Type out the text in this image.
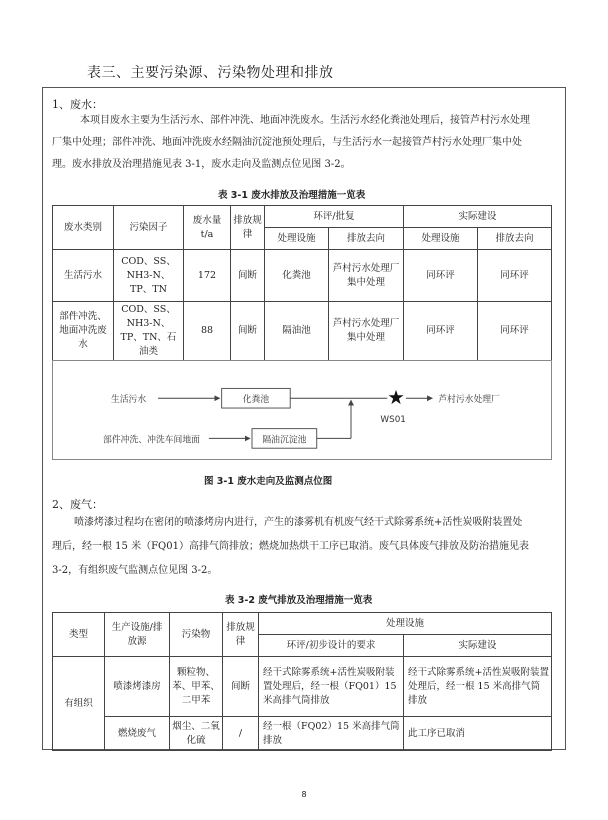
表三、主要污染源、污染物处理和排放
1、废水：
本项目废水主要为生活污水、部件冲洗、地面冲洗废水。生活污水经化粪池处理后，接管芦村污水处理
厂集中处理；部件冲洗、地面冲洗废水经隔油沉淀池预处理后，与生活污水一起接管芦村污水处理厂集中处
理。废水排放及治理措施见表 3-1，废水走向及监测点位见图 3-2。
表 3-1 废水排放及治理措施一览表
废水类别	污染因子	废水量 t/a	排放规律	环评/批复		实际建设	
				处理设施	排放去向	处理设施	排放去向
生活污水	COD、SS、NH3-N、TP、TN	172	间断	化粪池	芦村污水处理厂集中处理	同环评	同环评
部件冲洗、地面冲洗废水	COD、SS、NH3-N、TP、TN、石油类	88	间断	隔油池	芦村污水处理厂集中处理	同环评	同环评
生活污水	化粪池	★	芦村污水处理厂
WS01
部件冲洗、冲洗车间地面	隔油沉淀池
图 3-1 废水走向及监测点位图
2、废气：
喷漆烤漆过程均在密闭的喷漆烤房内进行，产生的漆雾机有机废气经干式除雾系统+活性炭吸附装置处
理后，经一根 15 米（FQ01）高排气筒排放；燃烧加热烘干工序已取消。废气具体废气排放及防治措施见表
3-2，有组织废气监测点位见图 3-2。
表 3-2 废气排放及治理措施一览表
类型	生产设施/排放源	污染物	排放规律	处理设施	
				环评/初步设计的要求	实际建设
有组织	喷漆烤漆房	颗粒物、苯、甲苯、二甲苯	间断	经干式除雾系统+活性炭吸附装置处理后，经一根（FQ01）15 米高排气筒排放	经干式除雾系统+活性炭吸附装置处理后，经一根 15 米高排气筒排放
	燃烧废气	烟尘、二氧化硫	/	经一根（FQ02）15 米高排气筒排放	此工序已取消
8
